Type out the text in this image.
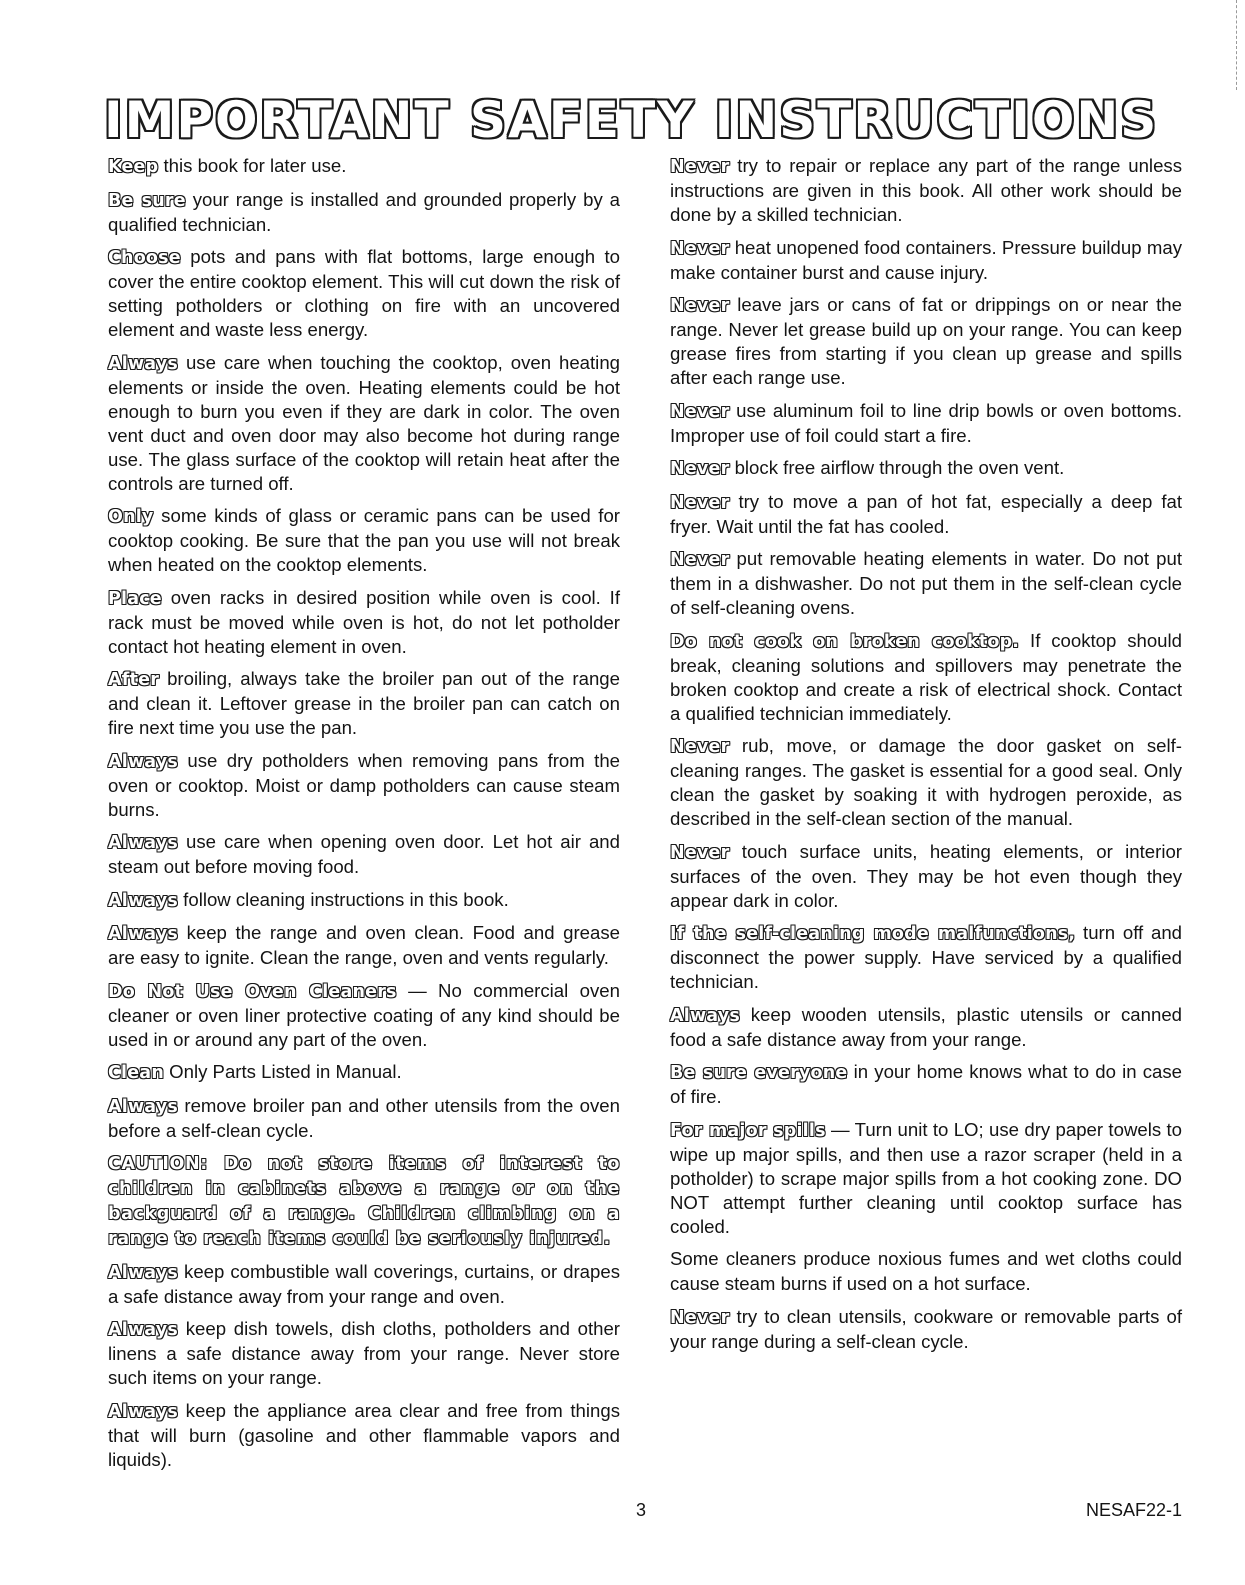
IMPORTANT SAFETY INSTRUCTIONS

Keep this book for later use.

Be sure your range is installed and grounded properly by a qualified technician.

Choose pots and pans with flat bottoms, large enough to cover the entire cooktop element. This will cut down the risk of setting potholders or clothing on fire with an uncovered element and waste less energy.

Always use care when touching the cooktop, oven heating elements or inside the oven. Heating elements could be hot enough to burn you even if they are dark in color. The oven vent duct and oven door may also become hot during range use. The glass surface of the cooktop will retain heat after the controls are turned off.

Only some kinds of glass or ceramic pans can be used for cooktop cooking. Be sure that the pan you use will not break when heated on the cooktop elements.

Place oven racks in desired position while oven is cool. If rack must be moved while oven is hot, do not let potholder contact hot heating element in oven.

After broiling, always take the broiler pan out of the range and clean it. Leftover grease in the broiler pan can catch on fire next time you use the pan.

Always use dry potholders when removing pans from the oven or cooktop. Moist or damp potholders can cause steam burns.

Always use care when opening oven door. Let hot air and steam out before moving food.

Always follow cleaning instructions in this book.

Always keep the range and oven clean. Food and grease are easy to ignite. Clean the range, oven and vents regularly.

Do Not Use Oven Cleaners — No commercial oven cleaner or oven liner protective coating of any kind should be used in or around any part of the oven.

Clean Only Parts Listed in Manual.

Always remove broiler pan and other utensils from the oven before a self-clean cycle.

CAUTION: Do not store items of interest to children in cabinets above a range or on the backguard of a range. Children climbing on a range to reach items could be seriously injured.

Always keep combustible wall coverings, curtains, or drapes a safe distance away from your range and oven.

Always keep dish towels, dish cloths, potholders and other linens a safe distance away from your range. Never store such items on your range.

Always keep the appliance area clear and free from things that will burn (gasoline and other flammable vapors and liquids).

Never try to repair or replace any part of the range unless instructions are given in this book. All other work should be done by a skilled technician.

Never heat unopened food containers. Pressure buildup may make container burst and cause injury.

Never leave jars or cans of fat or drippings on or near the range. Never let grease build up on your range. You can keep grease fires from starting if you clean up grease and spills after each range use.

Never use aluminum foil to line drip bowls or oven bottoms. Improper use of foil could start a fire.

Never block free airflow through the oven vent.

Never try to move a pan of hot fat, especially a deep fat fryer. Wait until the fat has cooled.

Never put removable heating elements in water. Do not put them in a dishwasher. Do not put them in the self-clean cycle of self-cleaning ovens.

Do not cook on broken cooktop. If cooktop should break, cleaning solutions and spillovers may penetrate the broken cooktop and create a risk of electrical shock. Contact a qualified technician immediately.

Never rub, move, or damage the door gasket on self-cleaning ranges. The gasket is essential for a good seal. Only clean the gasket by soaking it with hydrogen peroxide, as described in the self-clean section of the manual.

Never touch surface units, heating elements, or interior surfaces of the oven. They may be hot even though they appear dark in color.

If the self-cleaning mode malfunctions, turn off and disconnect the power supply. Have serviced by a qualified technician.

Always keep wooden utensils, plastic utensils or canned food a safe distance away from your range.

Be sure everyone in your home knows what to do in case of fire.

For major spills — Turn unit to LO; use dry paper towels to wipe up major spills, and then use a razor scraper (held in a potholder) to scrape major spills from a hot cooking zone. DO NOT attempt further cleaning until cooktop surface has cooled.

Some cleaners produce noxious fumes and wet cloths could cause steam burns if used on a hot surface.

Never try to clean utensils, cookware or removable parts of your range during a self-clean cycle.

3	NESAF22-1
